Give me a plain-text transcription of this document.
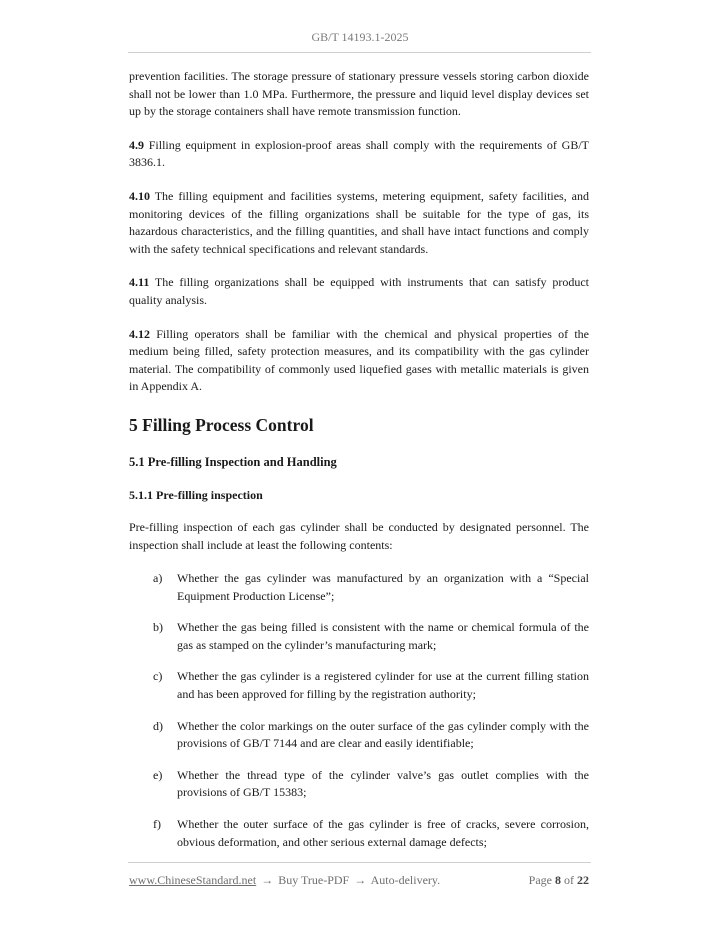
GB/T 14193.1-2025

prevention facilities. The storage pressure of stationary pressure vessels storing carbon dioxide shall not be lower than 1.0 MPa. Furthermore, the pressure and liquid level display devices set up by the storage containers shall have remote transmission function.

4.9 Filling equipment in explosion-proof areas shall comply with the requirements of GB/T 3836.1.

4.10 The filling equipment and facilities systems, metering equipment, safety facilities, and monitoring devices of the filling organizations shall be suitable for the type of gas, its hazardous characteristics, and the filling quantities, and shall have intact functions and comply with the safety technical specifications and relevant standards.

4.11 The filling organizations shall be equipped with instruments that can satisfy product quality analysis.

4.12 Filling operators shall be familiar with the chemical and physical properties of the medium being filled, safety protection measures, and its compatibility with the gas cylinder material. The compatibility of commonly used liquefied gases with metallic materials is given in Appendix A.

5 Filling Process Control
5.1 Pre-filling Inspection and Handling
5.1.1 Pre-filling inspection

Pre-filling inspection of each gas cylinder shall be conducted by designated personnel. The inspection shall include at least the following contents:

a)	Whether the gas cylinder was manufactured by an organization with a “Special Equipment Production License”;
b)	Whether the gas being filled is consistent with the name or chemical formula of the gas as stamped on the cylinder’s manufacturing mark;
c)	Whether the gas cylinder is a registered cylinder for use at the current filling station and has been approved for filling by the registration authority;
d)	Whether the color markings on the outer surface of the gas cylinder comply with the provisions of GB/T 7144 and are clear and easily identifiable;
e)	Whether the thread type of the cylinder valve’s gas outlet complies with the provisions of GB/T 15383;
f)	Whether the outer surface of the gas cylinder is free of cracks, severe corrosion, obvious deformation, and other serious external damage defects;
www.ChineseStandard.net → Buy True-PDF → Auto-delivery.	Page 8 of 22
